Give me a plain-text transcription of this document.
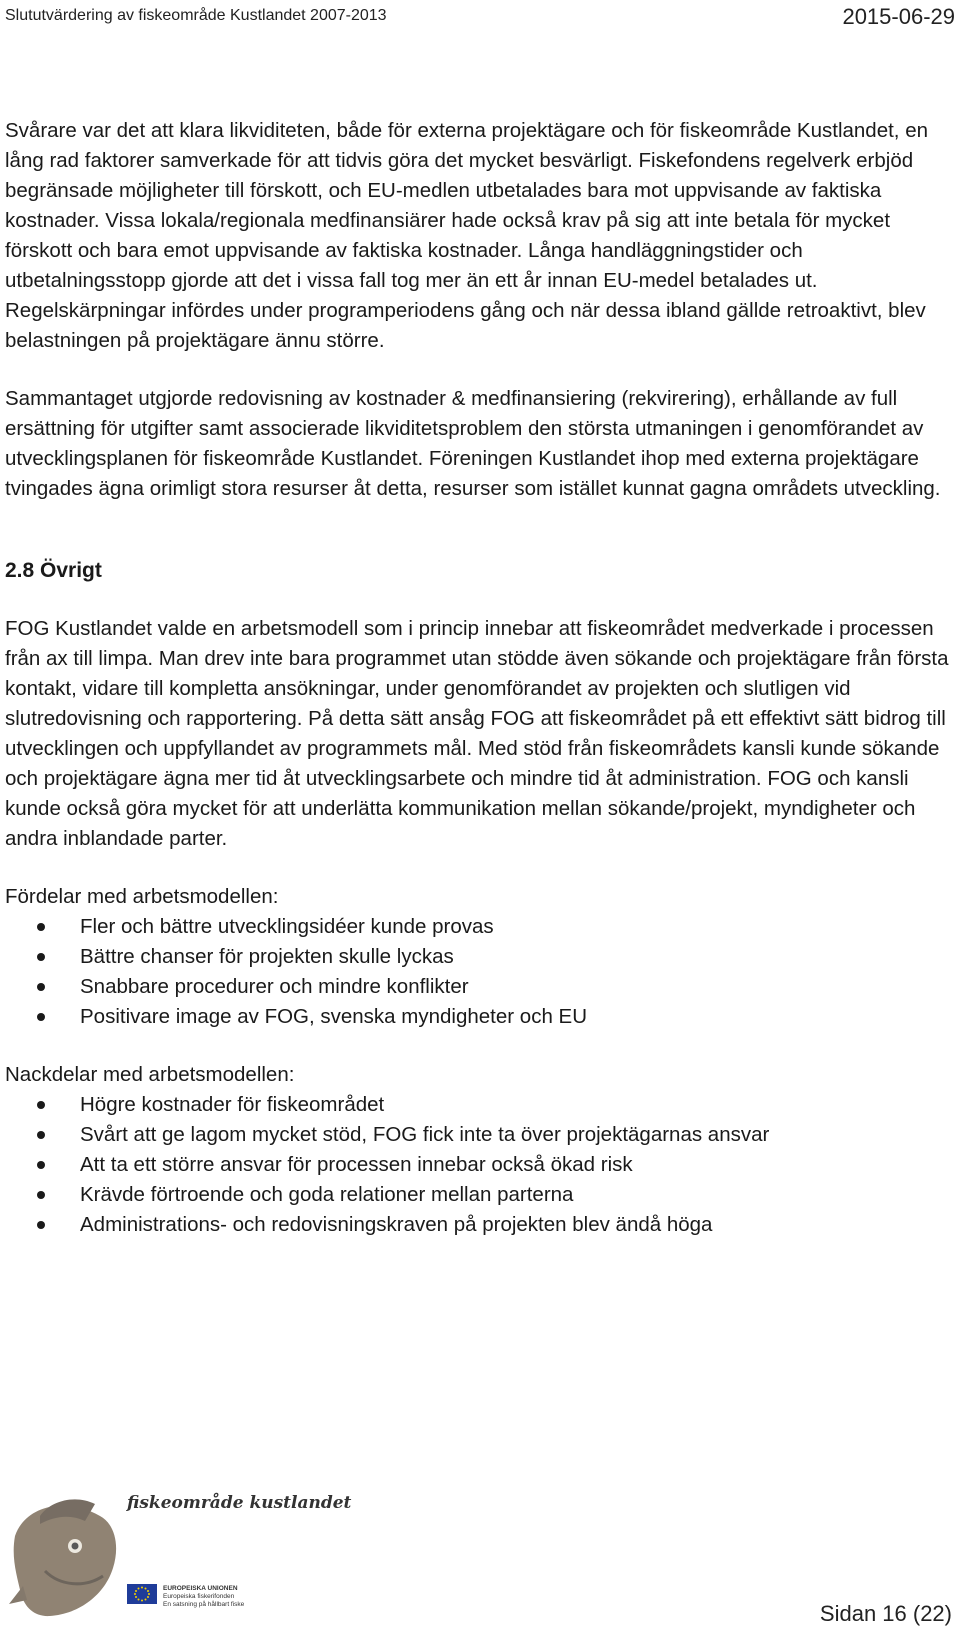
Slututvärdering av fiskeområde Kustlandet 2007-2013	2015-06-29

Svårare var det att klara likviditeten, både för externa projektägare och för fiskeområde Kustlandet, en lång rad faktorer samverkade för att tidvis göra det mycket besvärligt. Fiskefondens regelverk erbjöd begränsade möjligheter till förskott, och EU-medlen utbetalades bara mot uppvisande av faktiska kostnader. Vissa lokala/regionala medfinansiärer hade också krav på sig att inte betala för mycket förskott och bara emot uppvisande av faktiska kostnader. Långa handläggningstider och utbetalningsstopp gjorde att det i vissa fall tog mer än ett år innan EU-medel betalades ut. Regelskärpningar infördes under programperiodens gång och när dessa ibland gällde retroaktivt, blev belastningen på projektägare ännu större.

Sammantaget utgjorde redovisning av kostnader & medfinansiering (rekvirering), erhållande av full ersättning för utgifter samt associerade likviditetsproblem den största utmaningen i genomförandet av utvecklingsplanen för fiskeområde Kustlandet. Föreningen Kustlandet ihop med externa projektägare tvingades ägna orimligt stora resurser åt detta, resurser som istället kunnat gagna områdets utveckling.

2.8 Övrigt

FOG Kustlandet valde en arbetsmodell som i princip innebar att fiskeområdet medverkade i processen från ax till limpa. Man drev inte bara programmet utan stödde även sökande och projektägare från första kontakt, vidare till kompletta ansökningar, under genomförandet av projekten och slutligen vid slutredovisning och rapportering. På detta sätt ansåg FOG att fiskeområdet på ett effektivt sätt bidrog till utvecklingen och uppfyllandet av programmets mål. Med stöd från fiskeområdets kansli kunde sökande och projektägare ägna mer tid åt utvecklingsarbete och mindre tid åt administration. FOG och kansli kunde också göra mycket för att underlätta kommunikation mellan sökande/projekt, myndigheter och andra inblandade parter.

Fördelar med arbetsmodellen:

Fler och bättre utvecklingsidéer kunde provas
Bättre chanser för projekten skulle lyckas
Snabbare procedurer och mindre konflikter
Positivare image av FOG, svenska myndigheter och EU

Nackdelar med arbetsmodellen:

Högre kostnader för fiskeområdet
Svårt att ge lagom mycket stöd, FOG fick inte ta över projektägarnas ansvar
Att ta ett större ansvar för processen innebar också ökad risk
Krävde förtroende och goda relationer mellan parterna
Administrations- och redovisningskraven på projekten blev ändå höga
fiskeområde kustlandet
EUROPEISKA UNIONEN
Europeiska fiskerifonden
En satsning på hållbart fiske	Sidan 16 (22)
